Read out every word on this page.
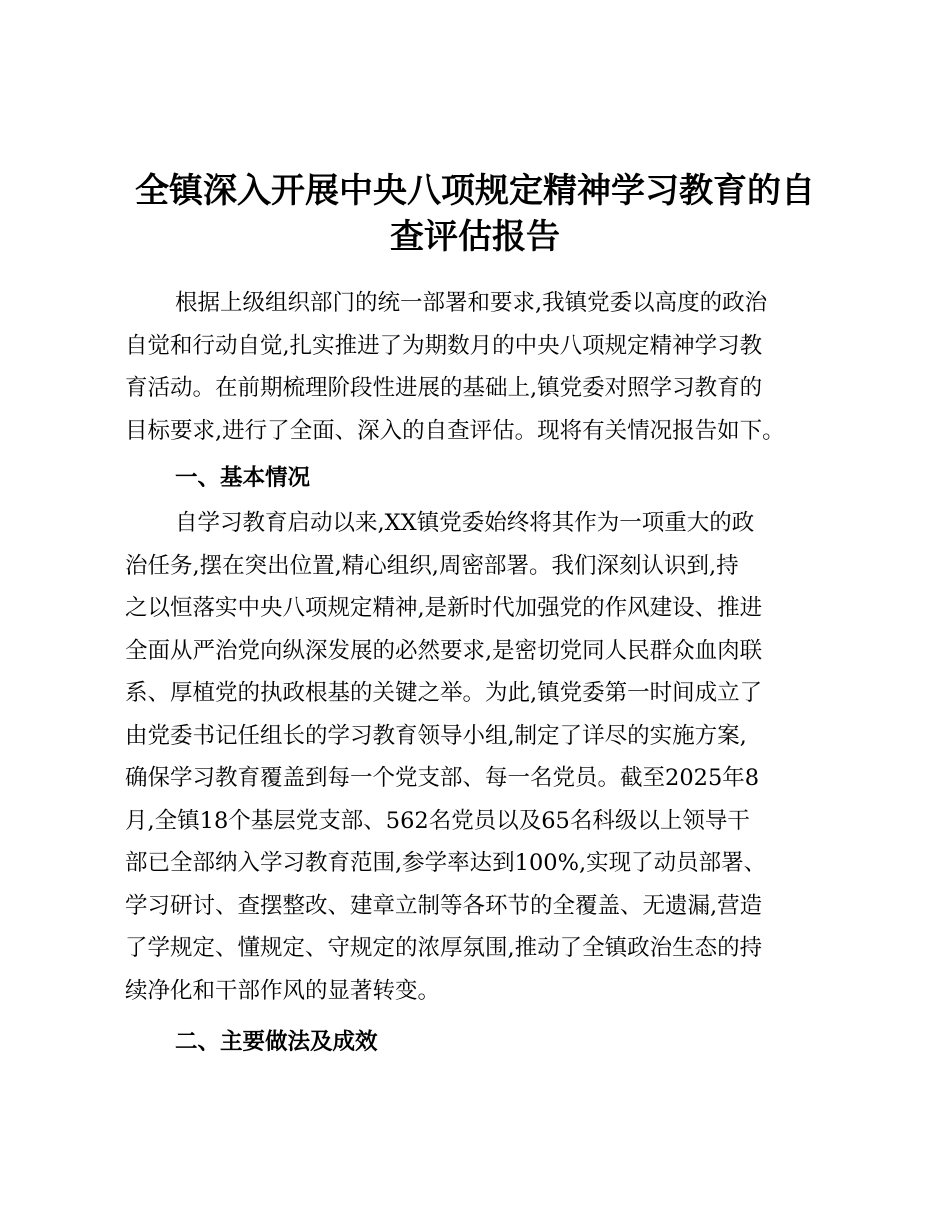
全镇深入开展中央八项规定精神学习教育的自
查评估报告
根据上级组织部门的统一部署和要求,我镇党委以高度的政治
自觉和行动自觉,扎实推进了为期数月的中央八项规定精神学习教
育活动。在前期梳理阶段性进展的基础上,镇党委对照学习教育的
目标要求,进行了全面、深入的自查评估。现将有关情况报告如下。
一、基本情况
自学习教育启动以来,XX镇党委始终将其作为一项重大的政
治任务,摆在突出位置,精心组织,周密部署。我们深刻认识到,持
之以恒落实中央八项规定精神,是新时代加强党的作风建设、推进
全面从严治党向纵深发展的必然要求,是密切党同人民群众血肉联
系、厚植党的执政根基的关键之举。为此,镇党委第一时间成立了
由党委书记任组长的学习教育领导小组,制定了详尽的实施方案,
确保学习教育覆盖到每一个党支部、每一名党员。截至2025年8
月,全镇18个基层党支部、562名党员以及65名科级以上领导干
部已全部纳入学习教育范围,参学率达到100%,实现了动员部署、
学习研讨、查摆整改、建章立制等各环节的全覆盖、无遗漏,营造
了学规定、懂规定、守规定的浓厚氛围,推动了全镇政治生态的持
续净化和干部作风的显著转变。
二、主要做法及成效
